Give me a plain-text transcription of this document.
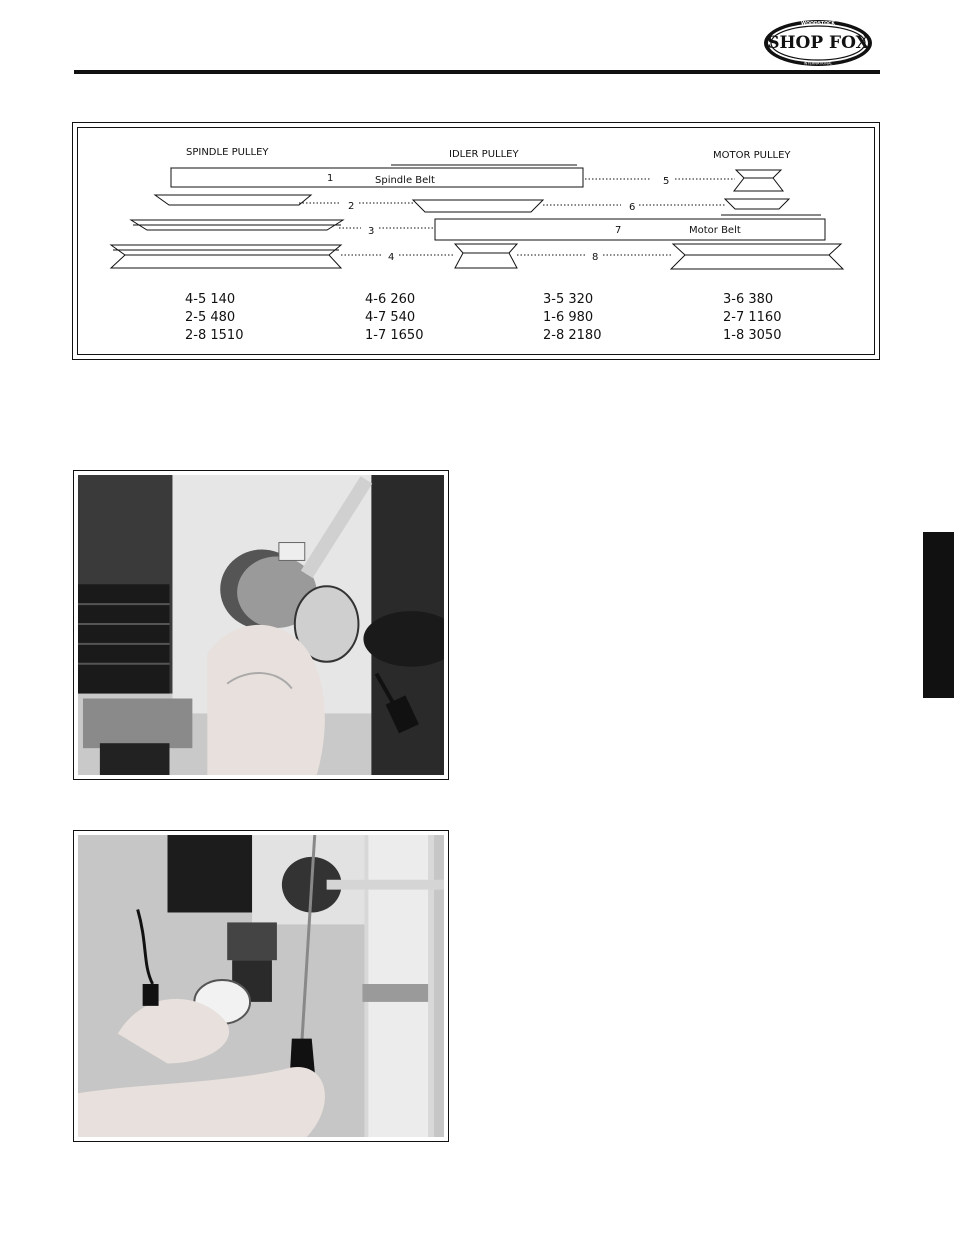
WOODSTOCK
SHOP FOX
INTERNATIONAL
SPINDLE PULLEY	IDLER PULLEY	MOTOR PULLEY
Spindle Belt
Motor Belt
1
2
3
4
5
6
7
8
4-5 140
2-5 480
2-8 1510
4-6 260
4-7 540
1-7 1650
3-5 320
1-6 980
2-8 2180
3-6 380
2-7 1160
1-8 3050
